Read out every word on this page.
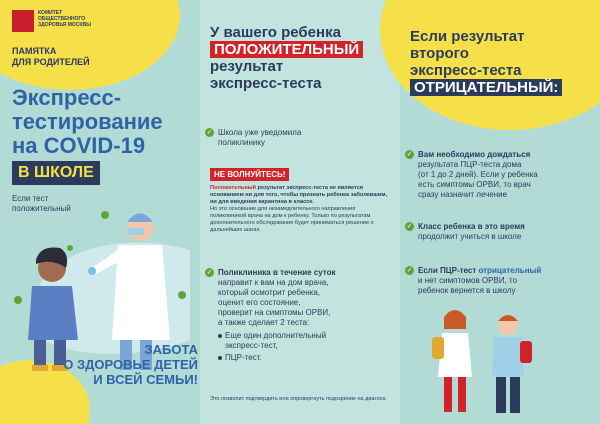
КОМИТЕТ ОБЩЕСТВЕННОГО ЗДОРОВЬЯ МОСКВЫ
ПАМЯТКА
ДЛЯ РОДИТЕЛЕЙ
Экспресс-
тестирование
на COVID-19
В ШКОЛЕ
Если тест
положительный
ЗАБОТА
О ЗДОРОВЬЕ ДЕТЕЙ
И ВСЕЙ СЕМЬИ!
У вашего ребенка
ПОЛОЖИТЕЛЬНЫЙ
результат
экспресс-теста
✓ Школа уже уведомила
поликлинику
НЕ ВОЛНУЙТЕСЬ!
Положительный результат экспресс-теста не является основанием ни для того, чтобы признать ребенка заболевшим, ни для введения карантина в классе.
Но это основание для незамедлительного направления поликлиникой врача на дом к ребенку. Только по результатам дополнительного обследования будет приниматься решение о дальнейших шагах.
✓ Поликлиника в течение суток
направит к вам на дом врача,
который осмотрит ребенка,
оценит его состояние,
проверит на симптомы ОРВИ,
а также сделает 2 теста:
Еще один дополнительный
экспресс-тест,
ПЦР-тест.
Это позволит подтвердить или опровергнуть подозрение на диагноз.
Если результат
второго
экспресс-теста
ОТРИЦАТЕЛЬНЫЙ:
✓ Вам необходимо дождаться
результата ПЦР-теста дома
(от 1 до 2 дней). Если у ребенка
есть симптомы ОРВИ, то врач
сразу назначит лечение
✓ Класс ребенка в это время
продолжит учиться в школе
✓ Если ПЦР-тест отрицательный
и нет симптомов ОРВИ, то
ребенок вернется в школу
